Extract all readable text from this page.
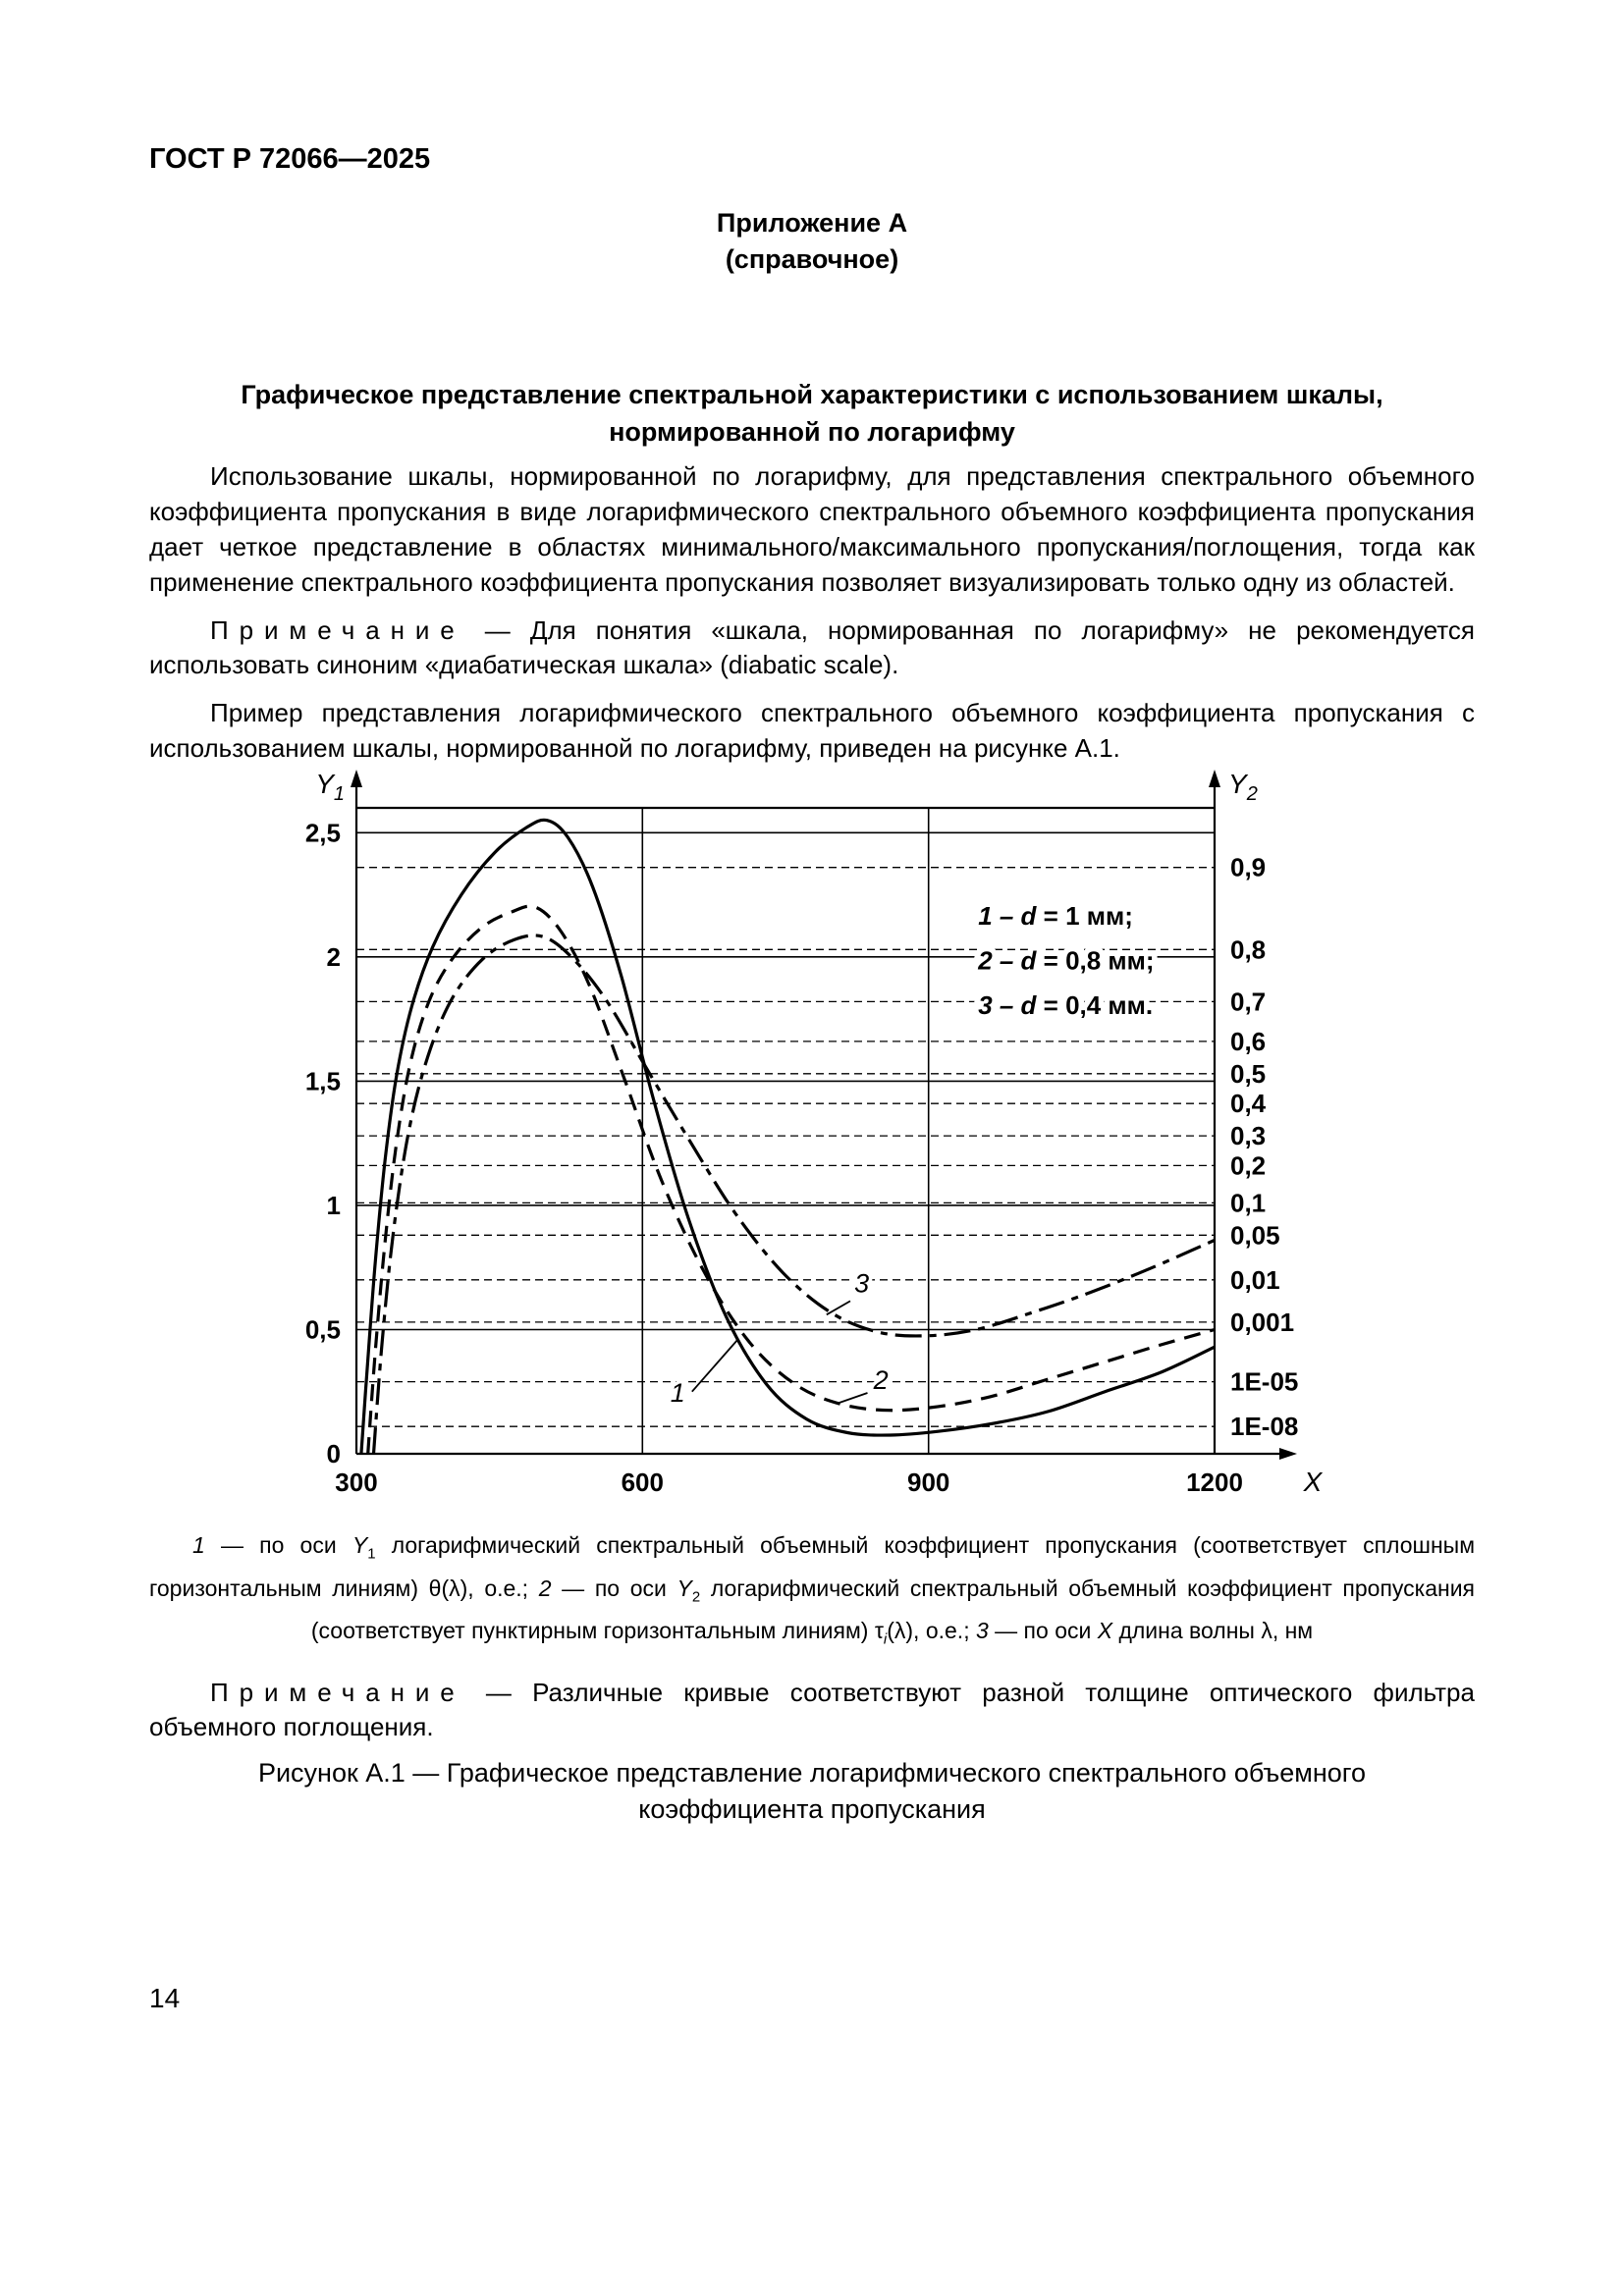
ГОСТ Р 72066—2025
Приложение А
(справочное)
Графическое представление спектральной характеристики с использованием шкалы,
нормированной по логарифму

Использование шкалы, нормированной по логарифму, для представления спектрального объемного коэффициента пропускания в виде логарифмического спектрального объемного коэффициента пропускания дает четкое представление в областях минимального/максимального пропускания/поглощения, тогда как применение спектрального коэффициента пропускания позволяет визуализировать только одну из областей.

Примечание — Для понятия «шкала, нормированная по логарифму» не рекомендуется использовать синоним «диабатическая шкала» (diabatic scale).

Пример представления логарифмического спектрального объемного коэффициента пропускания с использованием шкалы, нормированной по логарифму, приведен на рисунке А.1.

0
0,5
1
1,5
2
2,5
0,9
0,8
0,7
0,6
0,5
0,4
0,3
0,2
0,1
0,05
0,01
0,001
1Е-05
1Е-08
300	600	900	1200
$Y_1$	$Y_2$
X
1	2
3
1 – d = 1 мм;
2 – d = 0,8 мм;
3 – d = 0,4 мм.
1 — по оси $Y_1$ логарифмический спектральный объемный коэффициент пропускания (соответствует сплошным горизонтальным линиям) θ(λ), о.е.; 2 — по оси $Y_2$ логарифмический спектральный объемный коэффициент пропускания (соответствует пунктирным горизонтальным линиям) $\tau_i(\lambda)$, о.е.; 3 — по оси X длина волны λ, нм

Примечание — Различные кривые соответствуют разной толщине оптического фильтра объемного поглощения.

Рисунок А.1 — Графическое представление логарифмического спектрального объемного
коэффициента пропускания

14
